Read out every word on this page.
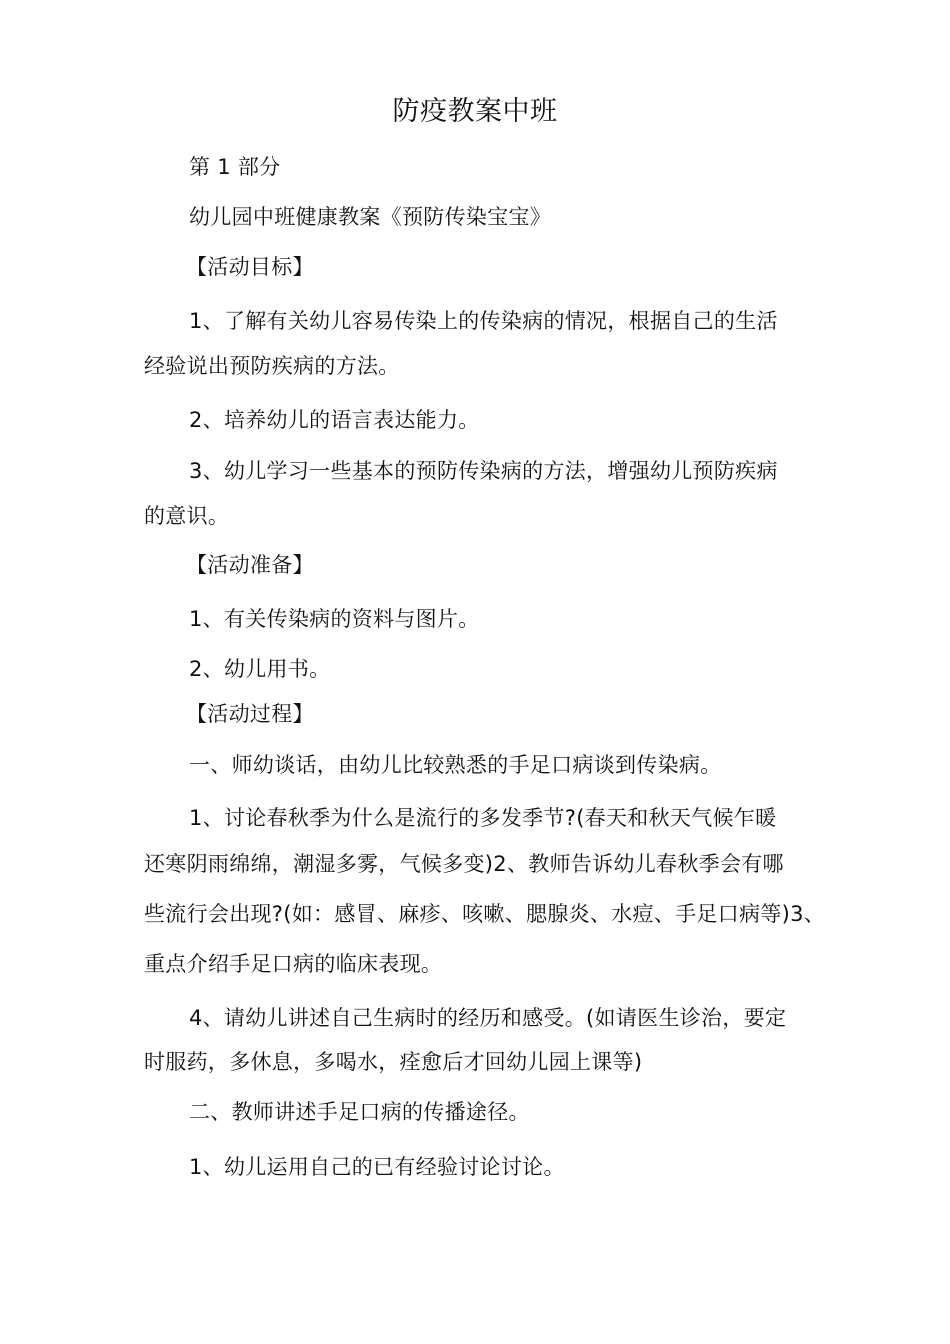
防疫教案中班
第 1 部分
幼儿园中班健康教案《预防传染宝宝》
【活动目标】
1、了解有关幼儿容易传染上的传染病的情况，根据自己的生活
经验说出预防疾病的方法。
2、培养幼儿的语言表达能力。
3、幼儿学习一些基本的预防传染病的方法，增强幼儿预防疾病
的意识。
【活动准备】
1、有关传染病的资料与图片。
2、幼儿用书。
【活动过程】
一、师幼谈话，由幼儿比较熟悉的手足口病谈到传染病。
1、讨论春秋季为什么是流行的多发季节?(春天和秋天气候乍暖
还寒阴雨绵绵，潮湿多雾，气候多变)2、教师告诉幼儿春秋季会有哪
些流行会出现?(如：感冒、麻疹、咳嗽、腮腺炎、水痘、手足口病等)3、
重点介绍手足口病的临床表现。
4、请幼儿讲述自己生病时的经历和感受。(如请医生诊治，要定
时服药，多休息，多喝水，痊愈后才回幼儿园上课等)
二、教师讲述手足口病的传播途径。
1、幼儿运用自己的已有经验讨论讨论。
